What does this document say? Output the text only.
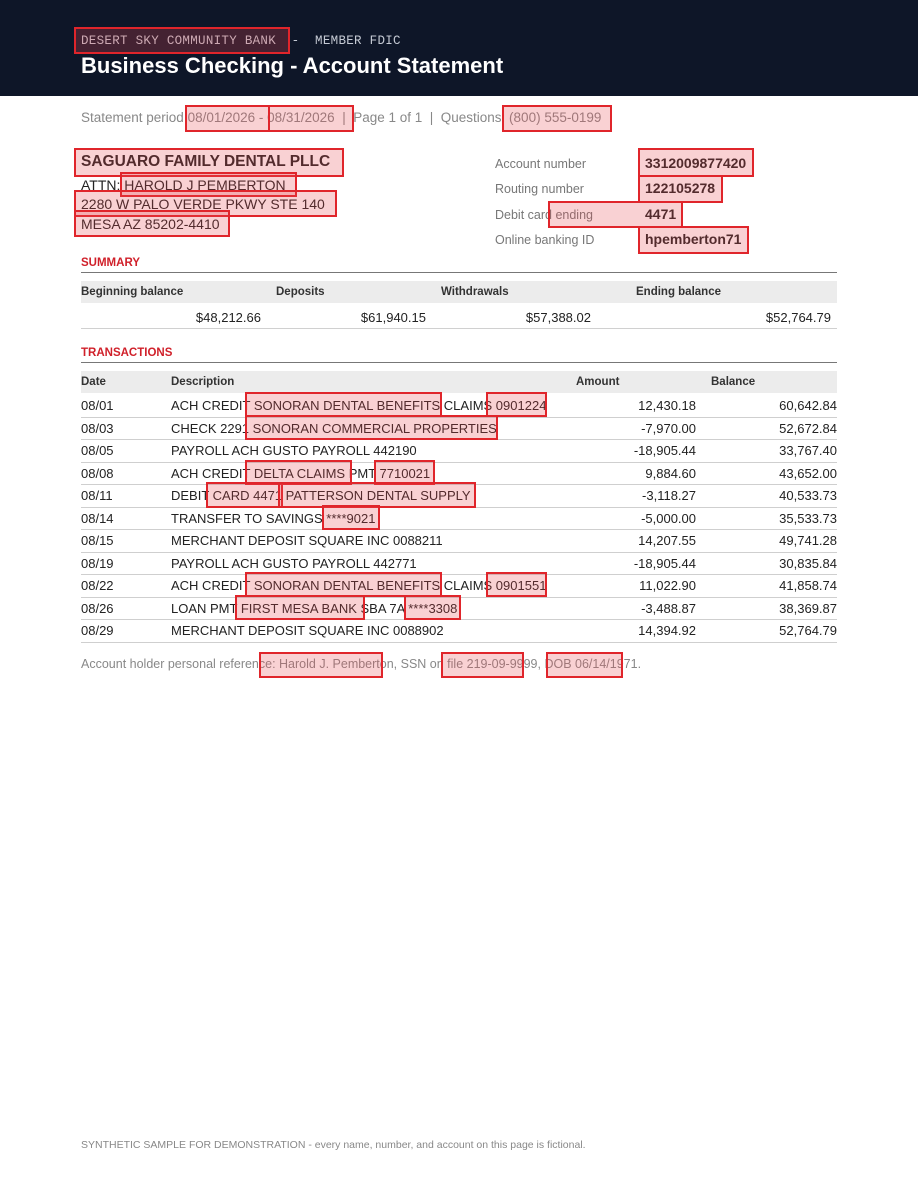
DESERT SKY COMMUNITY BANK  -  MEMBER FDIC
Business Checking - Account Statement
Statement period 08/01/2026 - 08/31/2026  |  Page 1 of 1  |  Questions: (800) 555-0199
SAGUARO FAMILY DENTAL PLLC
ATTN: HAROLD J PEMBERTON
2280 W PALO VERDE PKWY STE 140
MESA AZ 85202-4410
Account number	3312009877420
Routing number	122105278
Debit card ending	4471
Online banking ID	hpemberton71
SUMMARY
Beginning balance	Deposits	Withdrawals	Ending balance
$48,212.66	$61,940.15	$57,388.02	$52,764.79
TRANSACTIONS
Date	Description	Amount	Balance
08/01	ACH CREDIT SONORAN DENTAL BENEFITS CLAIMS 0901224	12,430.18	60,642.84
08/03	CHECK 2291 SONORAN COMMERCIAL PROPERTIES	-7,970.00	52,672.84
08/05	PAYROLL ACH GUSTO PAYROLL 442190	-18,905.44	33,767.40
08/08	ACH CREDIT DELTA CLAIMS PMT 7710021	9,884.60	43,652.00
08/11	DEBIT CARD 4471 PATTERSON DENTAL SUPPLY	-3,118.27	40,533.73
08/14	TRANSFER TO SAVINGS ****9021	-5,000.00	35,533.73
08/15	MERCHANT DEPOSIT SQUARE INC 0088211	14,207.55	49,741.28
08/19	PAYROLL ACH GUSTO PAYROLL 442771	-18,905.44	30,835.84
08/22	ACH CREDIT SONORAN DENTAL BENEFITS CLAIMS 0901551	11,022.90	41,858.74
08/26	LOAN PMT FIRST MESA BANK SBA 7A ****3308	-3,488.87	38,369.87
08/29	MERCHANT DEPOSIT SQUARE INC 0088902	14,394.92	52,764.79
Account holder personal reference: Harold J. Pemberton, SSN on file 219-09-9999, DOB 06/14/1971.
SYNTHETIC SAMPLE FOR DEMONSTRATION - every name, number, and account on this page is fictional.
